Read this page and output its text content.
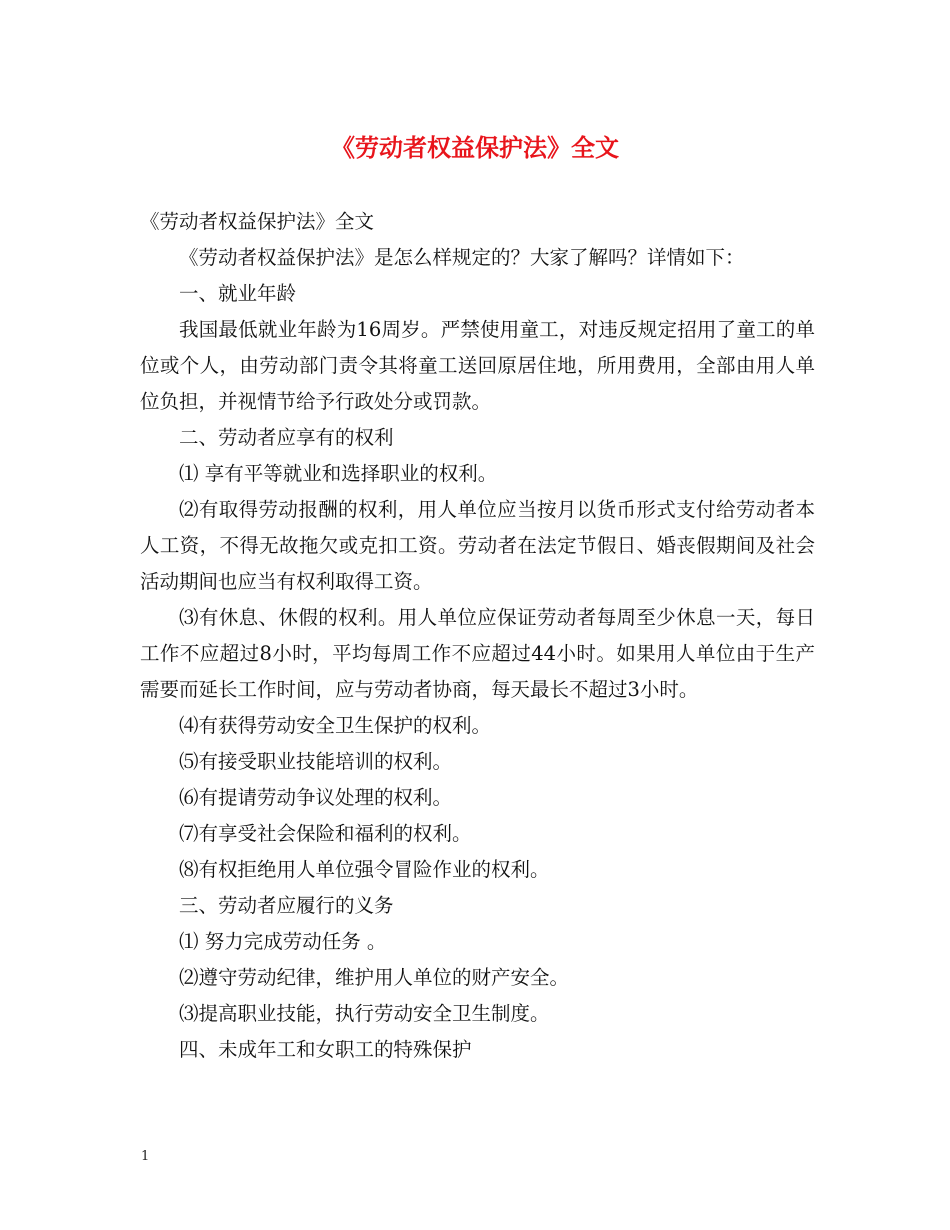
《劳动者权益保护法》全文

《劳动者权益保护法》全文

《劳动者权益保护法》是怎么样规定的？大家了解吗？详情如下：

一、就业年龄

我国最低就业年龄为16周岁。严禁使用童工，对违反规定招用了童工的单位或个人，由劳动部门责令其将童工送回原居住地，所用费用，全部由用人单位负担，并视情节给予行政处分或罚款。

二、劳动者应享有的权利

⑴ 享有平等就业和选择职业的权利。

⑵有取得劳动报酬的权利，用人单位应当按月以货币形式支付给劳动者本人工资，不得无故拖欠或克扣工资。劳动者在法定节假日、婚丧假期间及社会活动期间也应当有权利取得工资。

⑶有休息、休假的权利。用人单位应保证劳动者每周至少休息一天，每日工作不应超过8小时，平均每周工作不应超过44小时。如果用人单位由于生产需要而延长工作时间，应与劳动者协商，每天最长不超过3小时。

⑷有获得劳动安全卫生保护的权利。

⑸有接受职业技能培训的权利。

⑹有提请劳动争议处理的权利。

⑺有享受社会保险和福利的权利。

⑻有权拒绝用人单位强令冒险作业的权利。

三、劳动者应履行的义务

⑴ 努力完成劳动任务 。

⑵遵守劳动纪律，维护用人单位的财产安全。

⑶提高职业技能，执行劳动安全卫生制度。

四、未成年工和女职工的特殊保护

1
